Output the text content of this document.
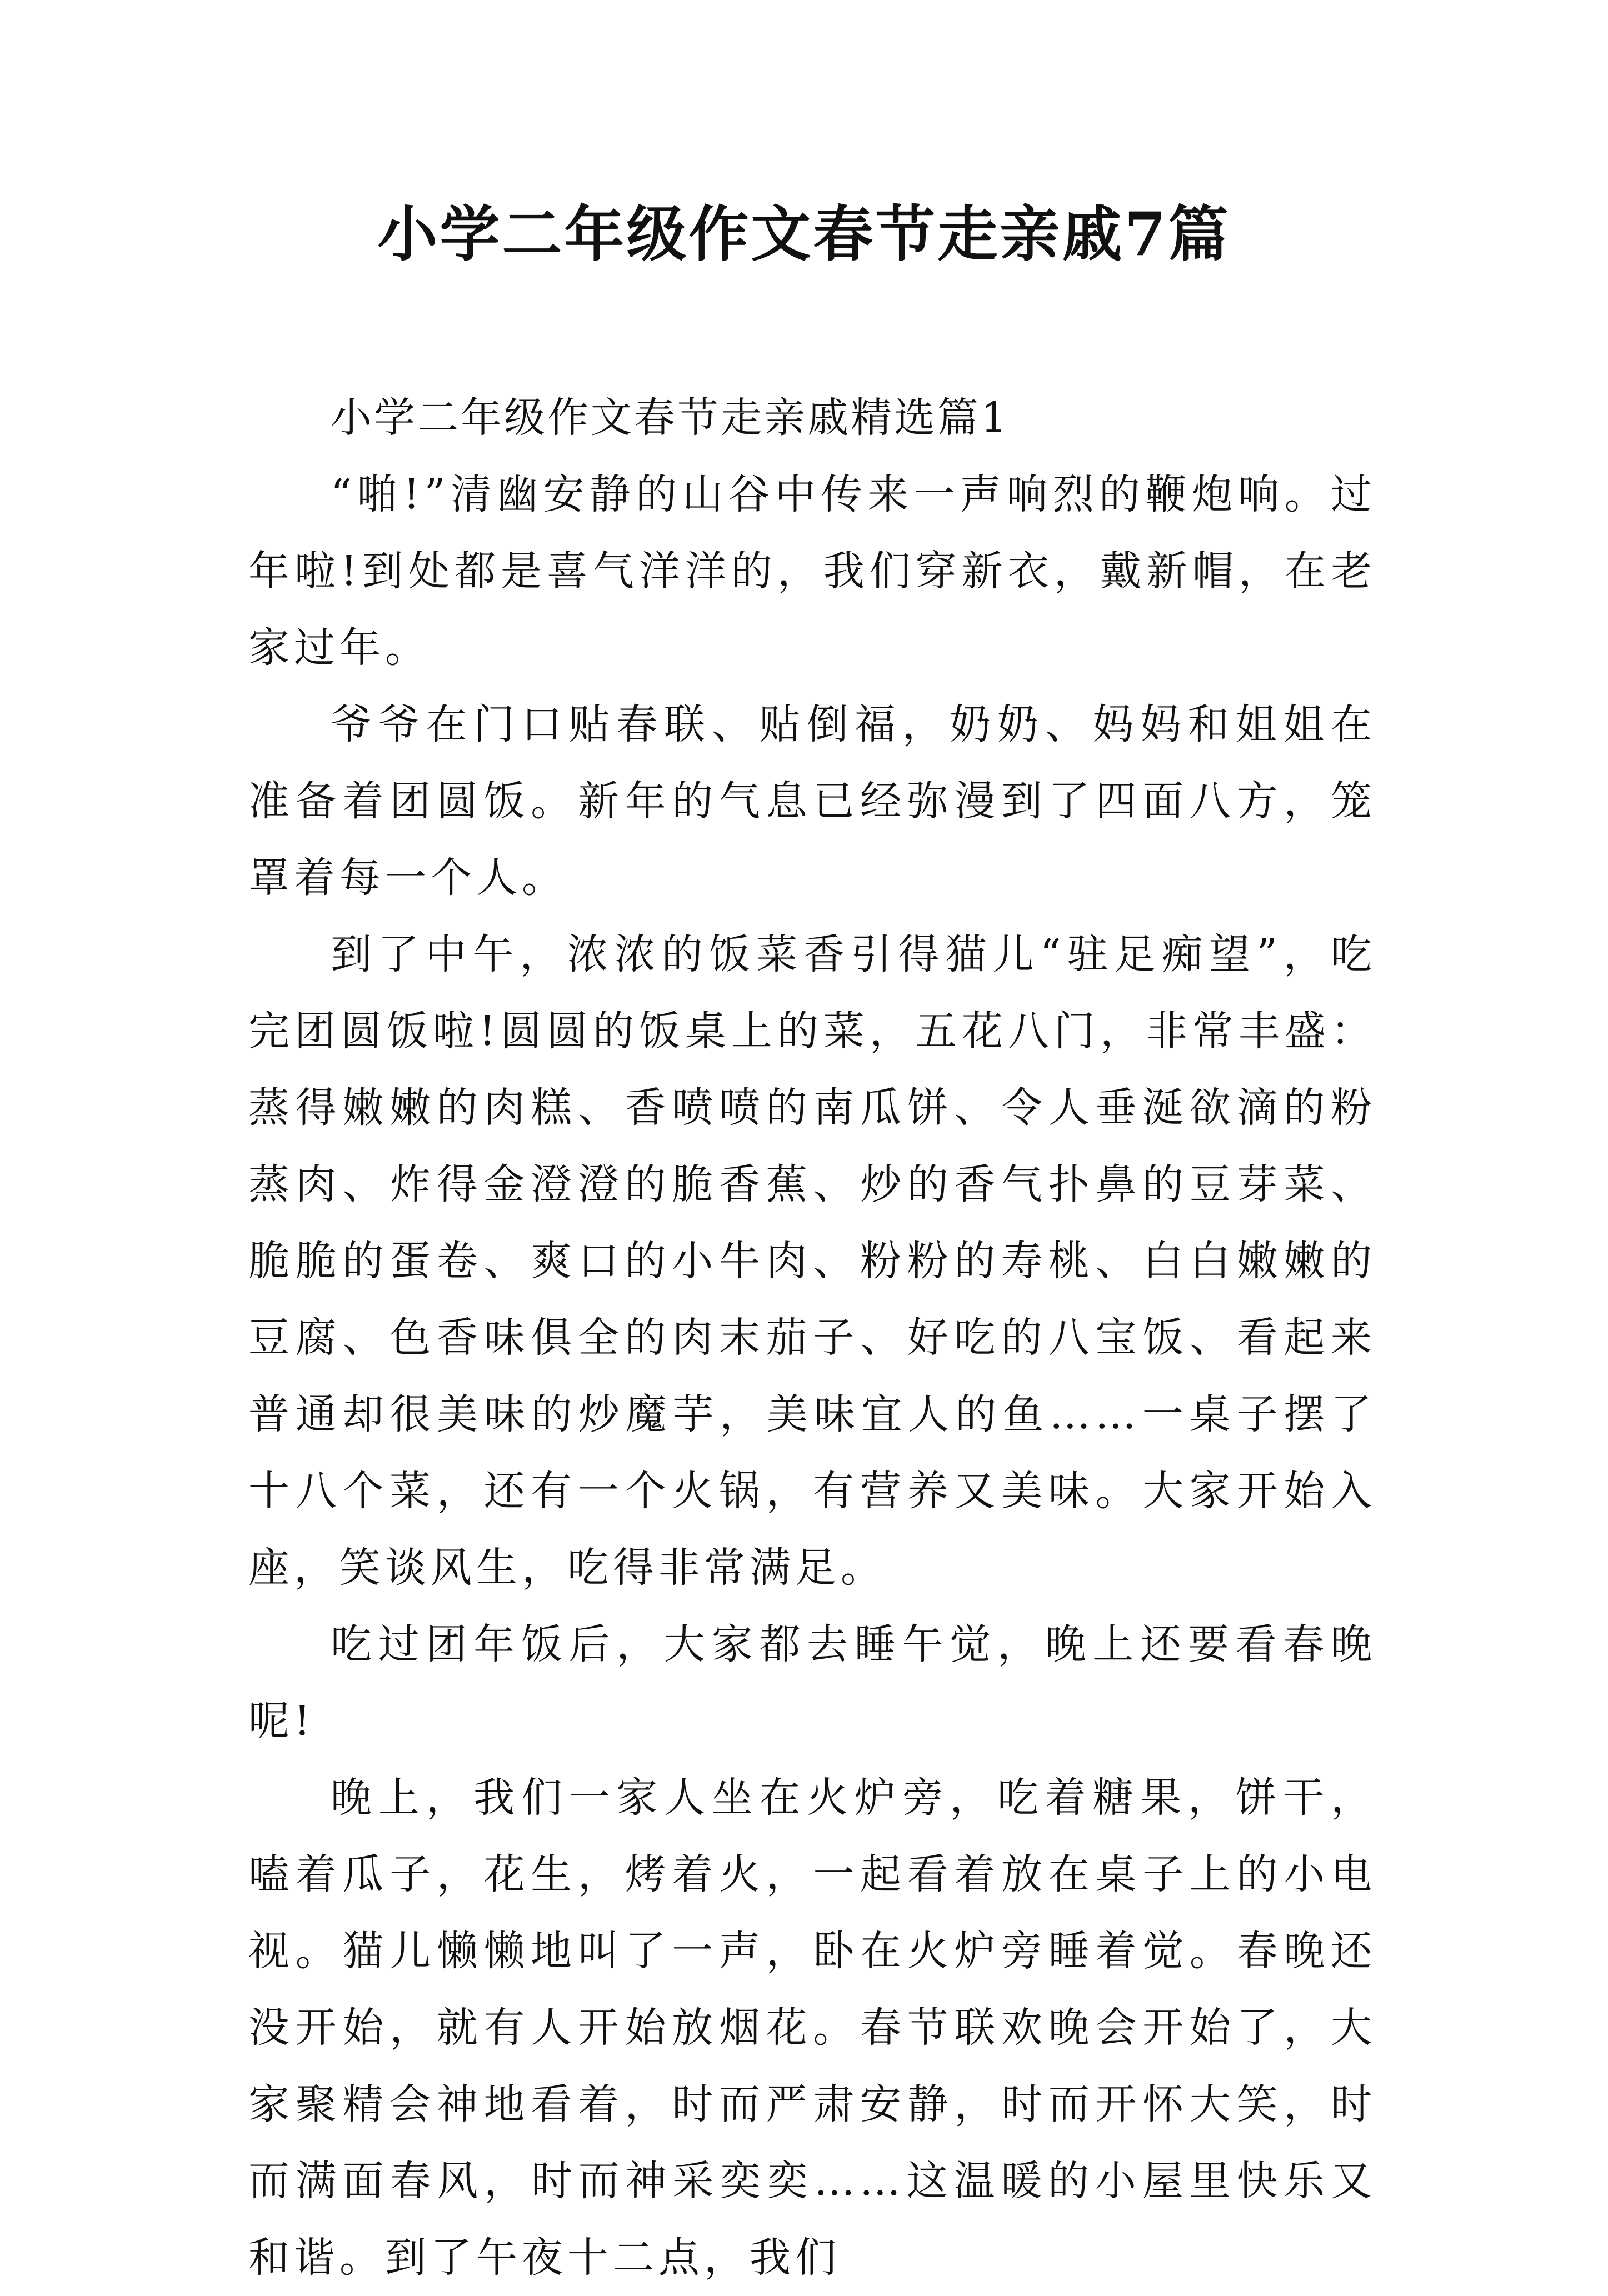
小学二年级作文春节走亲戚7篇

小学二年级作文春节走亲戚精选篇1

“啪!”清幽安静的山谷中传来一声响烈的鞭炮响。过年啦!到处都是喜气洋洋的，我们穿新衣，戴新帽，在老家过年。

爷爷在门口贴春联、贴倒福，奶奶、妈妈和姐姐在准备着团圆饭。新年的气息已经弥漫到了四面八方，笼罩着每一个人。

到了中午，浓浓的饭菜香引得猫儿“驻足痴望”，吃完团圆饭啦!圆圆的饭桌上的菜，五花八门，非常丰盛：蒸得嫩嫩的肉糕、香喷喷的南瓜饼、令人垂涎欲滴的粉蒸肉、炸得金澄澄的脆香蕉、炒的香气扑鼻的豆芽菜、脆脆的蛋卷、爽口的小牛肉、粉粉的寿桃、白白嫩嫩的豆腐、色香味俱全的肉末茄子、好吃的八宝饭、看起来普通却很美味的炒魔芋，美味宜人的鱼……一桌子摆了十八个菜，还有一个火锅，有营养又美味。大家开始入座，笑谈风生，吃得非常满足。

吃过团年饭后，大家都去睡午觉，晚上还要看春晚呢!

晚上，我们一家人坐在火炉旁，吃着糖果，饼干，嗑着瓜子，花生，烤着火，一起看着放在桌子上的小电视。猫儿懒懒地叫了一声，卧在火炉旁睡着觉。春晚还没开始，就有人开始放烟花。春节联欢晚会开始了，大家聚精会神地看着，时而严肃安静，时而开怀大笑，时而满面春风，时而神采奕奕……这温暖的小屋里快乐又和谐。到了午夜十二点，我们
